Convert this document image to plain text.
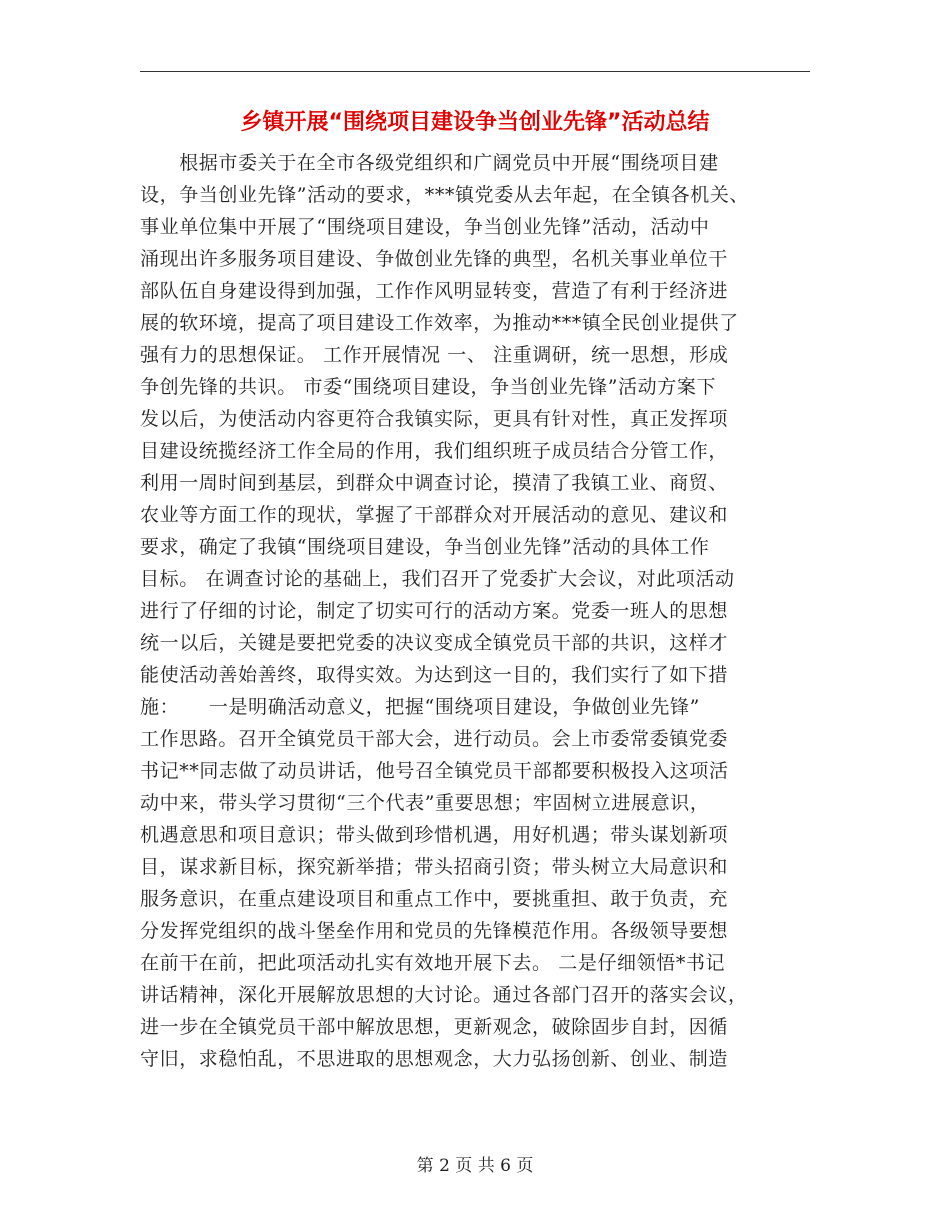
乡镇开展“围绕项目建设争当创业先锋”活动总结
　　根据市委关于在全市各级党组织和广阔党员中开展“围绕项目建
设，争当创业先锋”活动的要求，***镇党委从去年起，在全镇各机关、
事业单位集中开展了“围绕项目建设，争当创业先锋”活动，活动中
涌现出许多服务项目建设、争做创业先锋的典型，名机关事业单位干
部队伍自身建设得到加强，工作作风明显转变，营造了有利于经济进
展的软环境，提高了项目建设工作效率，为推动***镇全民创业提供了
强有力的思想保证。 工作开展情况 一、 注重调研，统一思想，形成
争创先锋的共识。 市委“围绕项目建设，争当创业先锋”活动方案下
发以后，为使活动内容更符合我镇实际，更具有针对性，真正发挥项
目建设统揽经济工作全局的作用，我们组织班子成员结合分管工作，
利用一周时间到基层，到群众中调查讨论，摸清了我镇工业、商贸、
农业等方面工作的现状，掌握了干部群众对开展活动的意见、建议和
要求，确定了我镇“围绕项目建设，争当创业先锋”活动的具体工作
目标。 在调查讨论的基础上，我们召开了党委扩大会议，对此项活动
进行了仔细的讨论，制定了切实可行的活动方案。党委一班人的思想
统一以后，关键是要把党委的决议变成全镇党员干部的共识，这样才
能使活动善始善终，取得实效。为达到这一目的，我们实行了如下措
施：　　一是明确活动意义，把握“围绕项目建设，争做创业先锋”
工作思路。召开全镇党员干部大会，进行动员。会上市委常委镇党委
书记**同志做了动员讲话，他号召全镇党员干部都要积极投入这项活
动中来，带头学习贯彻“三个代表”重要思想；牢固树立进展意识，
机遇意思和项目意识；带头做到珍惜机遇，用好机遇；带头谋划新项
目，谋求新目标，探究新举措；带头招商引资；带头树立大局意识和
服务意识，在重点建设项目和重点工作中，要挑重担、敢于负责，充
分发挥党组织的战斗堡垒作用和党员的先锋模范作用。各级领导要想
在前干在前，把此项活动扎实有效地开展下去。 二是仔细领悟*书记
讲话精神，深化开展解放思想的大讨论。通过各部门召开的落实会议，
进一步在全镇党员干部中解放思想，更新观念，破除固步自封，因循
守旧，求稳怕乱，不思进取的思想观念，大力弘扬创新、创业、制造
第 2 页 共 6 页
